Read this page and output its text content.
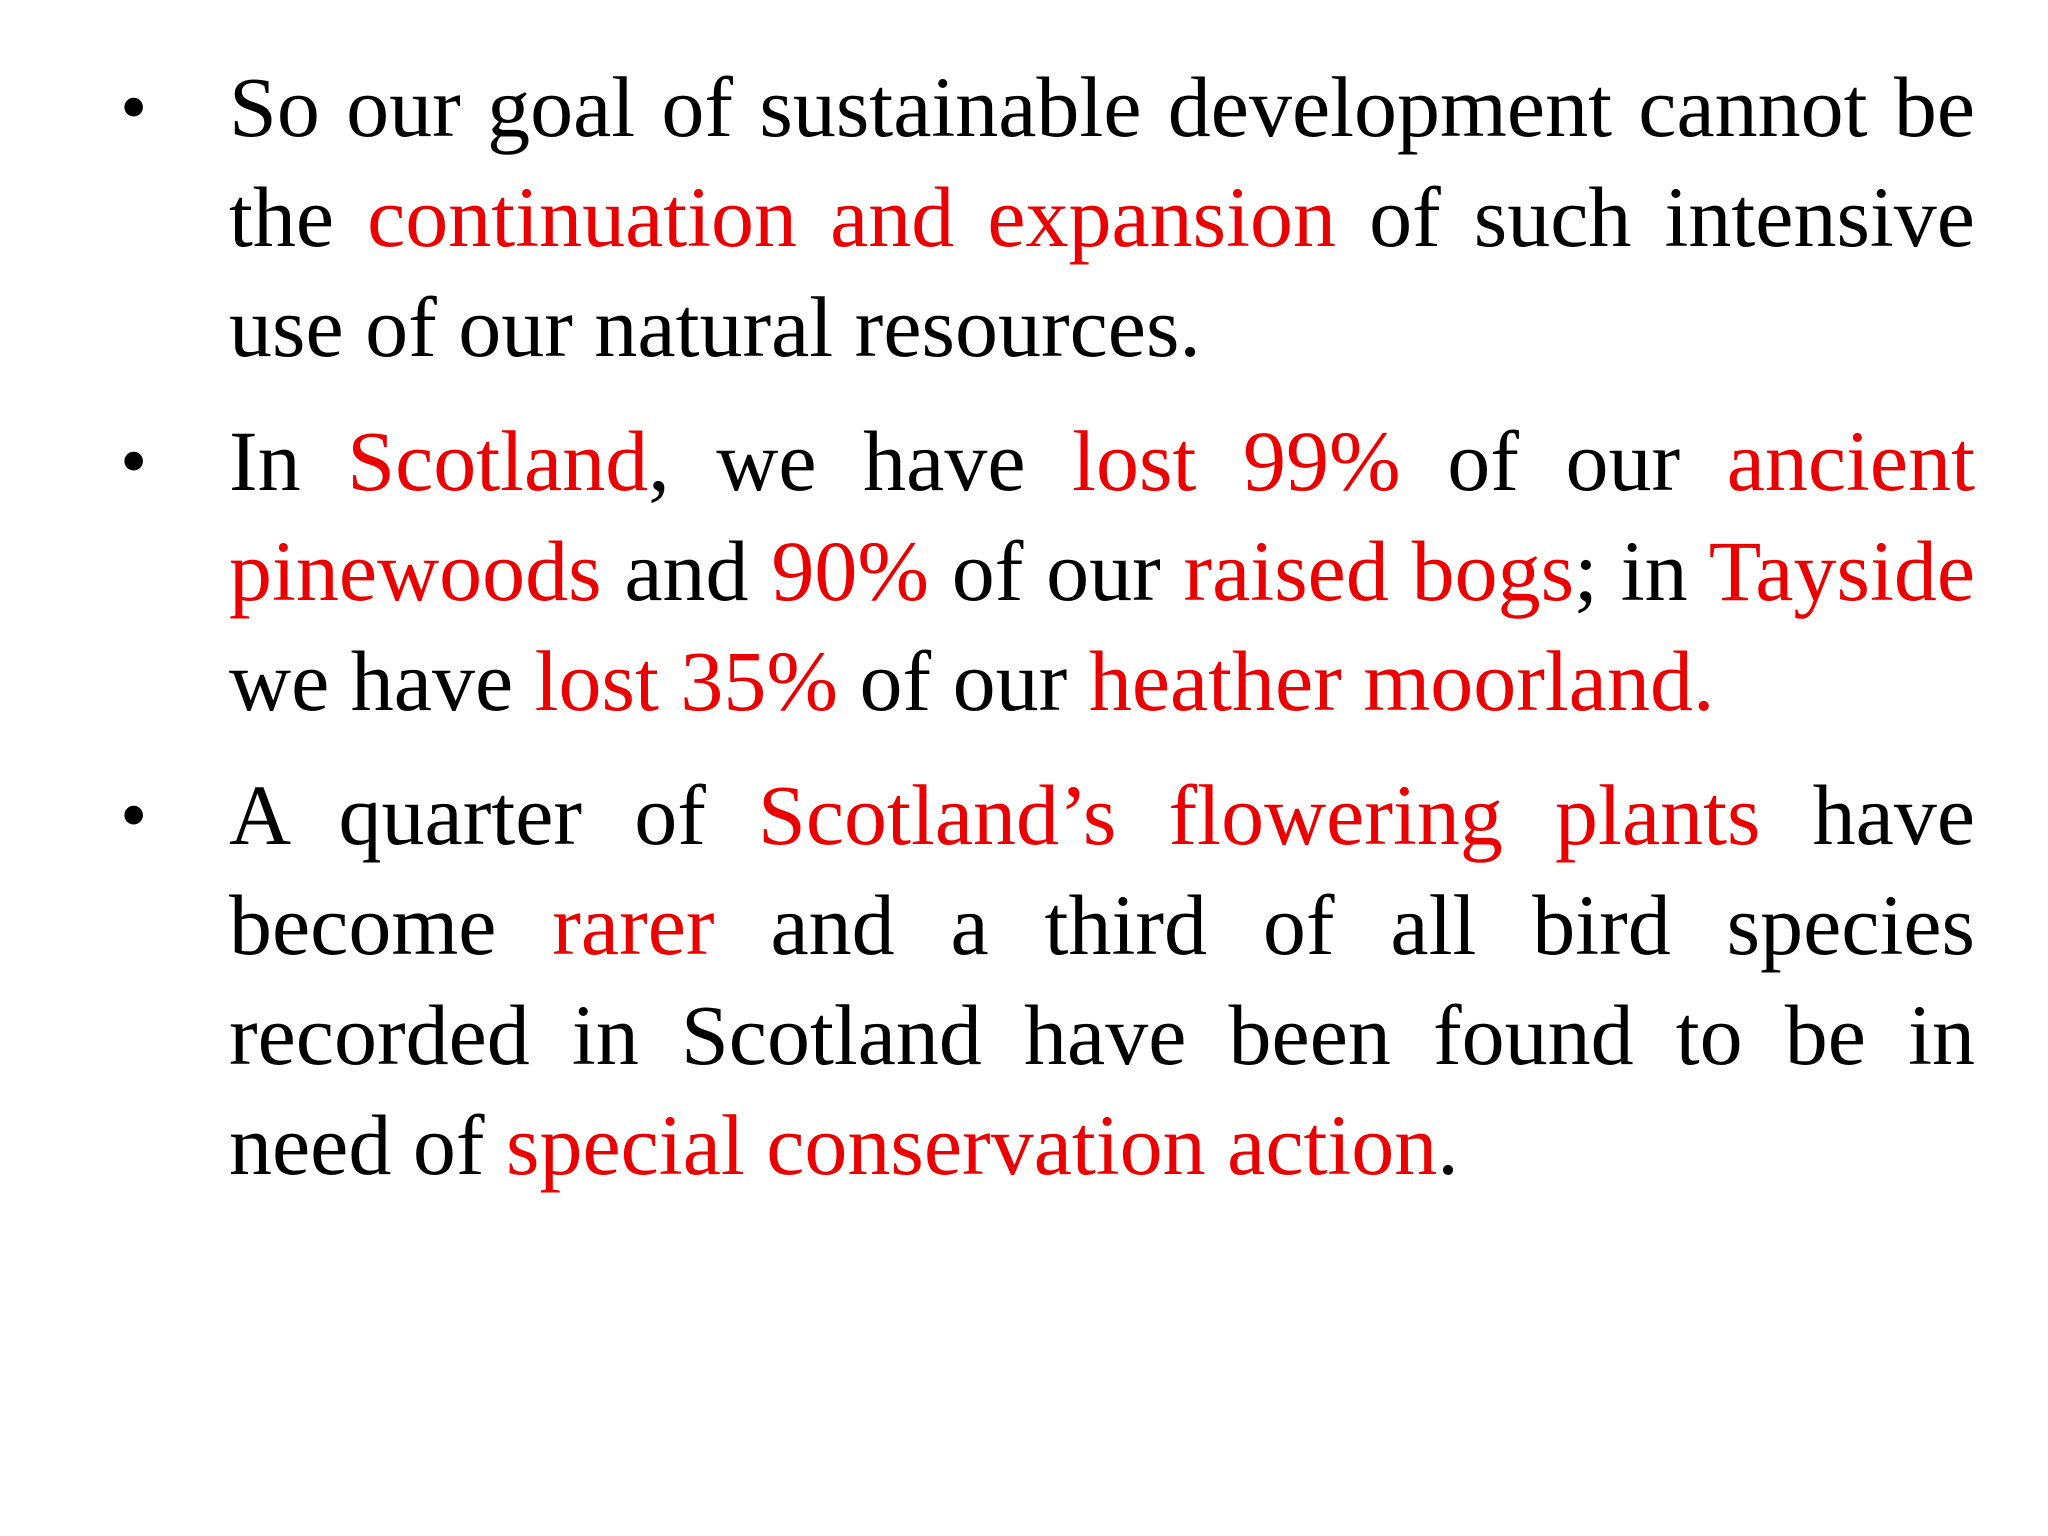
• So our goal of sustainable development cannot be the continuation and expansion of such intensive use of our natural resources.
• In Scotland, we have lost 99% of our ancient pinewoods and 90% of our raised bogs; in Tayside we have lost 35% of our heather moorland.
• A quarter of Scotland’s flowering plants have become rarer and a third of all bird species recorded in Scotland have been found to be in need of special conservation action.
